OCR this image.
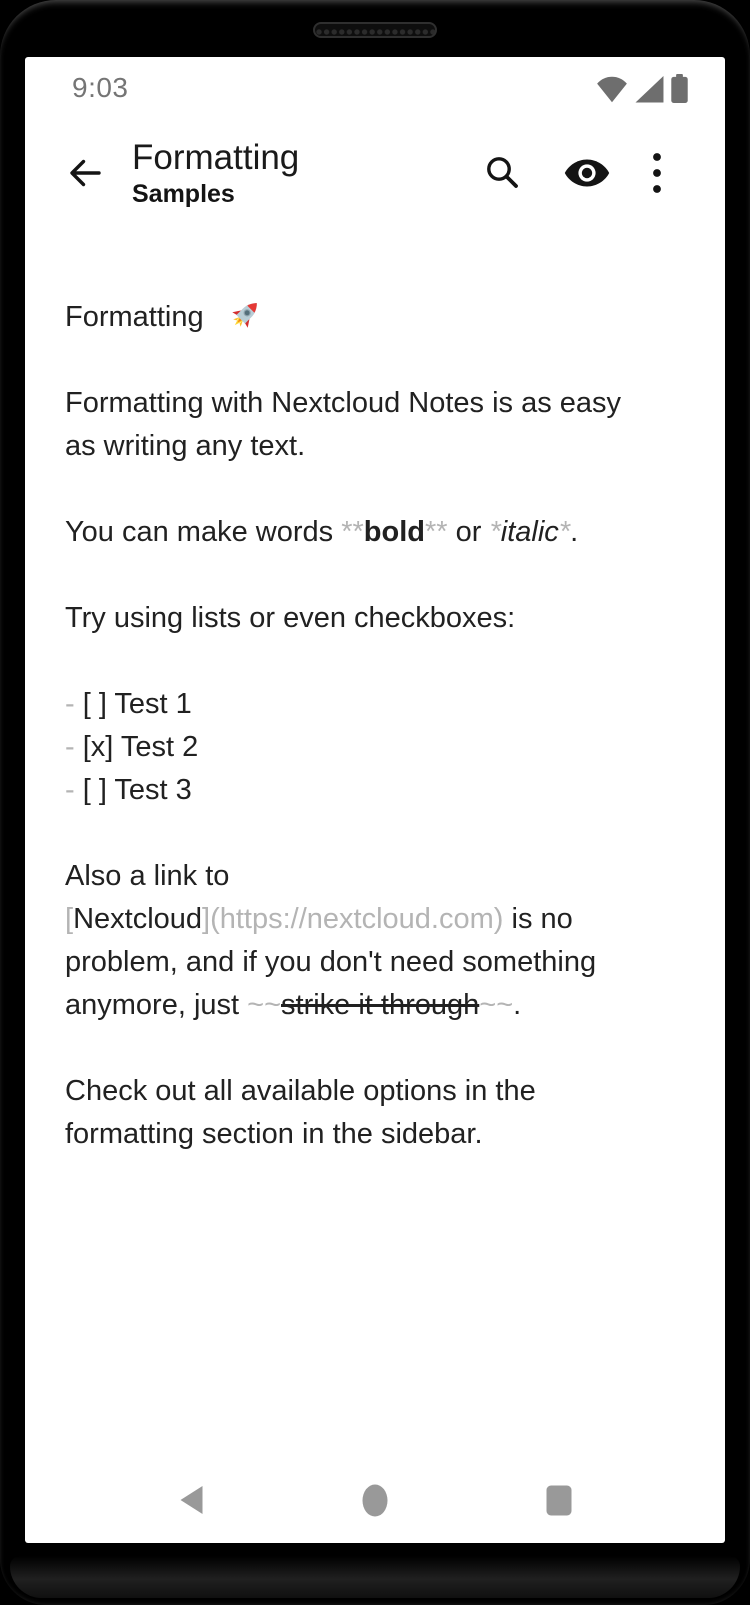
9:03
Formatting
Samples
Formatting

Formatting with Nextcloud Notes is as easy
as writing any text.
You can make words **bold** or *italic*.
Try using lists or even checkboxes:
- [ ] Test 1
- [x] Test 2
- [ ] Test 3
Also a link to
[Nextcloud](https://nextcloud.com) is no
problem, and if you don't need something
anymore, just ~~strike it through~~.
Check out all available options in the
formatting section in the sidebar.
